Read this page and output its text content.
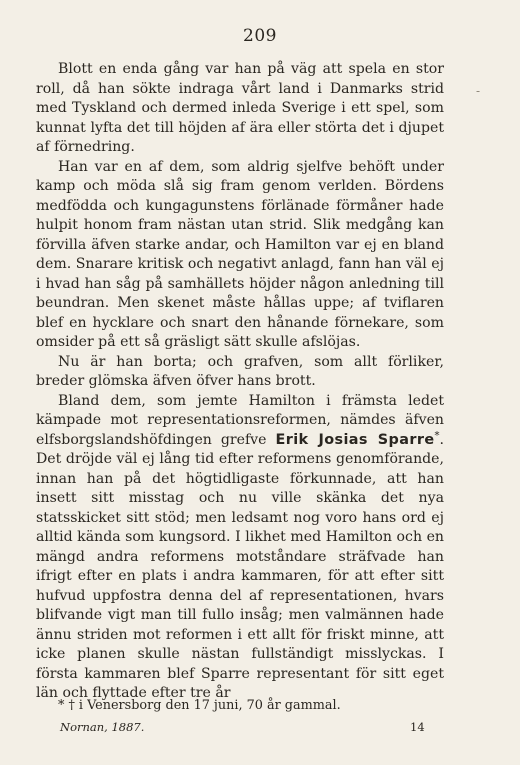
209
-

Blott en enda gång var han på väg att spela en stor roll, då han sökte indraga vårt land i Danmarks strid med Tyskland och dermed inleda Sverige i ett spel, som kunnat lyfta det till höjden af ära eller störta det i djupet af förnedring.

Han var en af dem, som aldrig sjelfve behöft under kamp och möda slå sig fram genom verlden. Bördens medfödda och kungagunstens förlänade förmåner hade hulpit honom fram nästan utan strid. Slik medgång kan förvilla äfven starke andar, och Hamilton var ej en bland dem. Snarare kritisk och negativt anlagd, fann han väl ej i hvad han såg på samhällets höjder någon anledning till beundran. Men skenet måste hållas uppe; af tviflaren blef en hycklare och snart den hånande förnekare, som omsider på ett så gräsligt sätt skulle afslöjas.

Nu är han borta; och grafven, som allt förliker, breder glömska äfven öfver hans brott.

Bland dem, som jemte Hamilton i främsta ledet kämpade mot representationsreformen, nämdes äfven elfsborgslandshöfdingen grefve Erik Josias Sparre*. Det dröjde väl ej lång tid efter reformens genomförande, innan han på det högtidligaste förkunnade, att han insett sitt misstag och nu ville skänka det nya statsskicket sitt stöd; men ledsamt nog voro hans ord ej alltid kända som kungsord. I likhet med Hamilton och en mängd andra reformens motståndare sträfvade han ifrigt efter en plats i andra kammaren, för att efter sitt hufvud uppfostra denna del af representationen, hvars blifvande vigt man till fullo insåg; men valmännen hade ännu striden mot reformen i ett allt för friskt minne, att icke planen skulle nästan fullständigt misslyckas. I första kammaren blef Sparre representant för sitt eget län och flyttade efter tre år

* † i Venersborg den 17 juni, 70 år gammal.
Nornan, 1887.	14
